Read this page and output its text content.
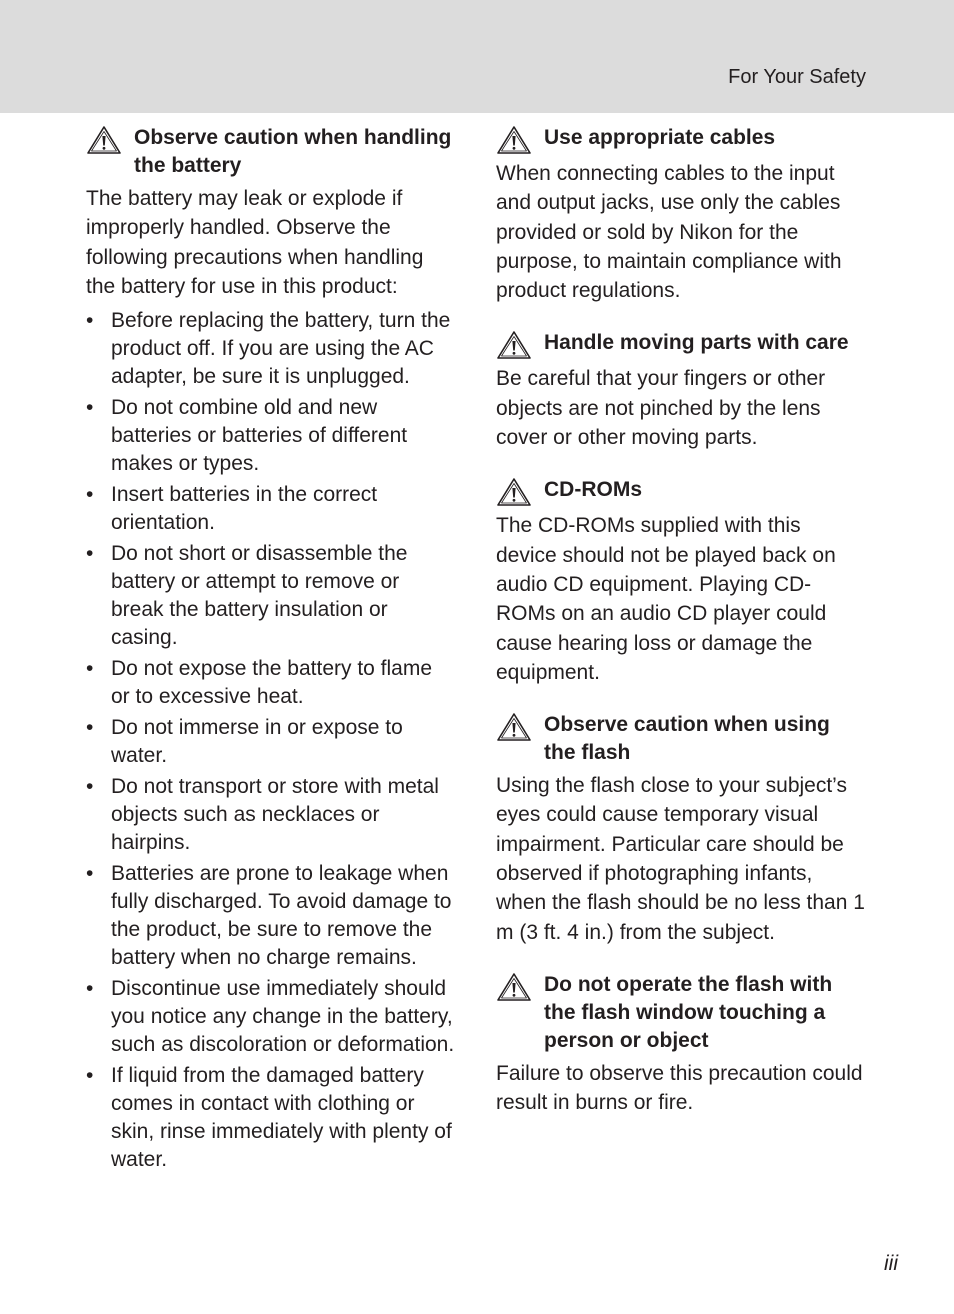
For Your Safety
Observe caution when handling the battery
The battery may leak or explode if improperly handled. Observe the following precautions when handling the battery for use in this product:
• Before replacing the battery, turn the product off. If you are using the AC adapter, be sure it is unplugged.
• Do not combine old and new batteries or batteries of different makes or types.
• Insert batteries in the correct orientation.
• Do not short or disassemble the battery or attempt to remove or break the battery insulation or casing.
• Do not expose the battery to flame or to excessive heat.
• Do not immerse in or expose to water.
• Do not transport or store with metal objects such as necklaces or hairpins.
• Batteries are prone to leakage when fully discharged. To avoid damage to the product, be sure to remove the battery when no charge remains.
• Discontinue use immediately should you notice any change in the battery, such as discoloration or deformation.
• If liquid from the damaged battery comes in contact with clothing or skin, rinse immediately with plenty of water.
Use appropriate cables
When connecting cables to the input and output jacks, use only the cables provided or sold by Nikon for the purpose, to maintain compliance with product regulations.
Handle moving parts with care
Be careful that your fingers or other objects are not pinched by the lens cover or other moving parts.
CD-ROMs
The CD-ROMs supplied with this device should not be played back on audio CD equipment. Playing CD-ROMs on an audio CD player could cause hearing loss or damage the equipment.
Observe caution when using the flash
Using the flash close to your subject’s eyes could cause temporary visual impairment. Particular care should be observed if photographing infants, when the flash should be no less than 1 m (3 ft. 4 in.) from the subject.
Do not operate the flash with the flash window touching a person or object
Failure to observe this precaution could result in burns or fire.
iii
